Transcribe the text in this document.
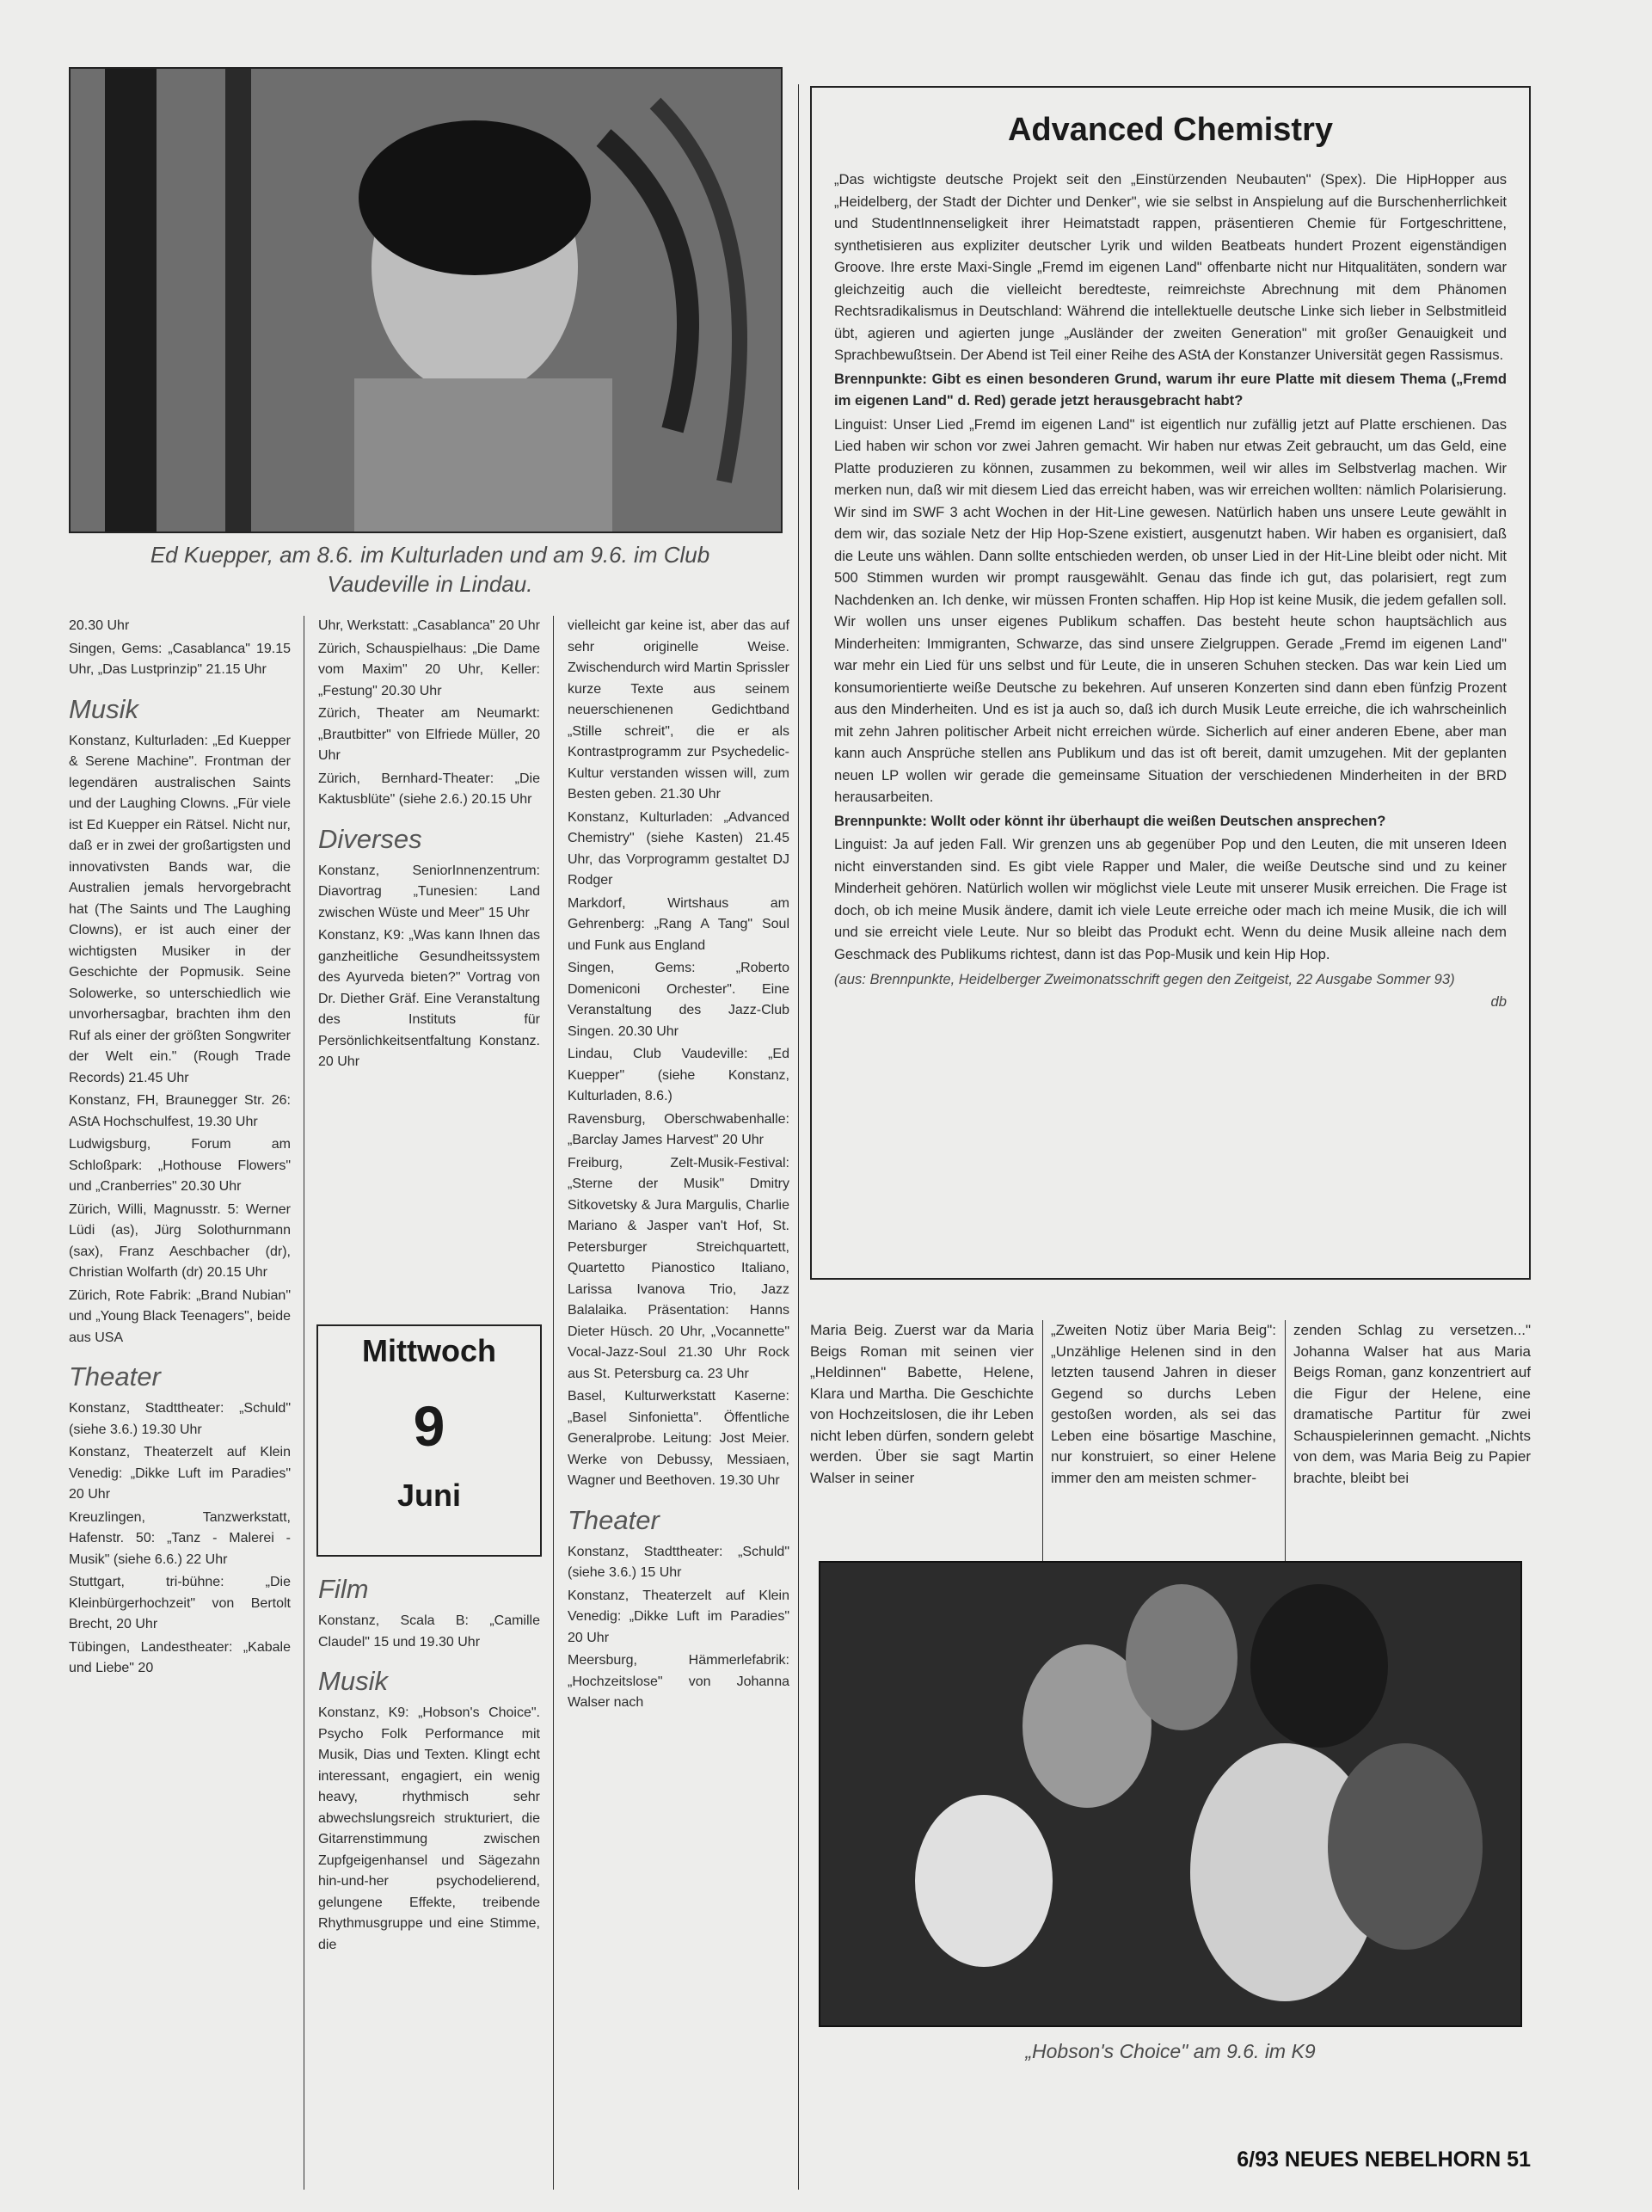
Ed Kuepper, am 8.6. im Kulturladen und am 9.6. im Club Vaudeville in Lindau.

20.30 Uhr

Singen, Gems: „Casablanca" 19.15 Uhr, „Das Lustprinzip" 21.15 Uhr

Musik

Konstanz, Kulturladen: „Ed Kuepper & Serene Machine". Frontman der legendären australischen Saints und der Laughing Clowns. „Für viele ist Ed Kuepper ein Rätsel. Nicht nur, daß er in zwei der großartigsten und innovativsten Bands war, die Australien jemals hervorgebracht hat (The Saints und The Laughing Clowns), er ist auch einer der wichtigsten Musiker in der Geschichte der Popmusik. Seine Solowerke, so unterschiedlich wie unvorhersagbar, brachten ihm den Ruf als einer der größten Songwriter der Welt ein." (Rough Trade Records) 21.45 Uhr

Konstanz, FH, Braunegger Str. 26: AStA Hochschulfest, 19.30 Uhr

Ludwigsburg, Forum am Schloßpark: „Hothouse Flowers" und „Cranberries" 20.30 Uhr

Zürich, Willi, Magnusstr. 5: Werner Lüdi (as), Jürg Solothurnmann (sax), Franz Aeschbacher (dr), Christian Wolfarth (dr) 20.15 Uhr

Zürich, Rote Fabrik: „Brand Nubian" und „Young Black Teenagers", beide aus USA

Theater

Konstanz, Stadttheater: „Schuld" (siehe 3.6.) 19.30 Uhr

Konstanz, Theaterzelt auf Klein Venedig: „Dikke Luft im Paradies" 20 Uhr

Kreuzlingen, Tanzwerkstatt, Hafenstr. 50: „Tanz - Malerei - Musik" (siehe 6.6.) 22 Uhr

Stuttgart, tri-bühne: „Die Kleinbürgerhochzeit" von Bertolt Brecht, 20 Uhr

Tübingen, Landestheater: „Kabale und Liebe" 20

Uhr, Werkstatt: „Casablanca" 20 Uhr

Zürich, Schauspielhaus: „Die Dame vom Maxim" 20 Uhr, Keller: „Festung" 20.30 Uhr

Zürich, Theater am Neumarkt: „Brautbitter" von Elfriede Müller, 20 Uhr

Zürich, Bernhard-Theater: „Die Kaktusblüte" (siehe 2.6.) 20.15 Uhr

Diverses

Konstanz, SeniorInnenzentrum: Diavortrag „Tunesien: Land zwischen Wüste und Meer" 15 Uhr

Konstanz, K9: „Was kann Ihnen das ganzheitliche Gesundheitssystem des Ayurveda bieten?" Vortrag von Dr. Diether Gräf. Eine Veranstaltung des Instituts für Persönlichkeitsentfaltung Konstanz. 20 Uhr

Mittwoch
9
Juni
Film

Konstanz, Scala B: „Camille Claudel" 15 und 19.30 Uhr

Musik

Konstanz, K9: „Hobson's Choice". Psycho Folk Performance mit Musik, Dias und Texten. Klingt echt interessant, engagiert, ein wenig heavy, rhythmisch sehr abwechslungsreich strukturiert, die Gitarrenstimmung zwischen Zupfgeigenhansel und Sägezahn hin-und-her psychodelierend, gelungene Effekte, treibende Rhythmusgruppe und eine Stimme, die

vielleicht gar keine ist, aber das auf sehr originelle Weise. Zwischendurch wird Martin Sprissler kurze Texte aus seinem neuerschienenen Gedichtband „Stille schreit", die er als Kontrastprogramm zur Psychedelic-Kultur verstanden wissen will, zum Besten geben. 21.30 Uhr

Konstanz, Kulturladen: „Advanced Chemistry" (siehe Kasten) 21.45 Uhr, das Vorprogramm gestaltet DJ Rodger

Markdorf, Wirtshaus am Gehrenberg: „Rang A Tang" Soul und Funk aus England

Singen, Gems: „Roberto Domeniconi Orchester". Eine Veranstaltung des Jazz-Club Singen. 20.30 Uhr

Lindau, Club Vaudeville: „Ed Kuepper" (siehe Konstanz, Kulturladen, 8.6.)

Ravensburg, Oberschwabenhalle: „Barclay James Harvest" 20 Uhr

Freiburg, Zelt-Musik-Festival: „Sterne der Musik" Dmitry Sitkovetsky & Jura Margulis, Charlie Mariano & Jasper van't Hof, St. Petersburger Streichquartett, Quartetto Pianostico Italiano, Larissa Ivanova Trio, Jazz Balalaika. Präsentation: Hanns Dieter Hüsch. 20 Uhr, „Vocannette" Vocal-Jazz-Soul 21.30 Uhr Rock aus St. Petersburg ca. 23 Uhr

Basel, Kulturwerkstatt Kaserne: „Basel Sinfonietta". Öffentliche Generalprobe. Leitung: Jost Meier. Werke von Debussy, Messiaen, Wagner und Beethoven. 19.30 Uhr

Theater

Konstanz, Stadttheater: „Schuld" (siehe 3.6.) 15 Uhr

Konstanz, Theaterzelt auf Klein Venedig: „Dikke Luft im Paradies" 20 Uhr

Meersburg, Hämmerlefabrik: „Hochzeitslose" von Johanna Walser nach

Advanced Chemistry

„Das wichtigste deutsche Projekt seit den „Einstürzenden Neubauten" (Spex). Die HipHopper aus „Heidelberg, der Stadt der Dichter und Denker", wie sie selbst in Anspielung auf die Burschenherrlichkeit und StudentInnenseligkeit ihrer Heimatstadt rappen, präsentieren Chemie für Fortgeschrittene, synthetisieren aus expliziter deutscher Lyrik und wilden Beatbeats hundert Prozent eigenständigen Groove. Ihre erste Maxi-Single „Fremd im eigenen Land" offenbarte nicht nur Hitqualitäten, sondern war gleichzeitig auch die vielleicht beredteste, reimreichste Abrechnung mit dem Phänomen Rechtsradikalismus in Deutschland: Während die intellektuelle deutsche Linke sich lieber in Selbstmitleid übt, agieren und agierten junge „Ausländer der zweiten Generation" mit großer Genauigkeit und Sprachbewußtsein. Der Abend ist Teil einer Reihe des AStA der Konstanzer Universität gegen Rassismus.

Brennpunkte: Gibt es einen besonderen Grund, warum ihr eure Platte mit diesem Thema („Fremd im eigenen Land" d. Red) gerade jetzt herausgebracht habt?

Linguist: Unser Lied „Fremd im eigenen Land" ist eigentlich nur zufällig jetzt auf Platte erschienen. Das Lied haben wir schon vor zwei Jahren gemacht. Wir haben nur etwas Zeit gebraucht, um das Geld, eine Platte produzieren zu können, zusammen zu bekommen, weil wir alles im Selbstverlag machen. Wir merken nun, daß wir mit diesem Lied das erreicht haben, was wir erreichen wollten: nämlich Polarisierung. Wir sind im SWF 3 acht Wochen in der Hit-Line gewesen. Natürlich haben uns unsere Leute gewählt in dem wir, das soziale Netz der Hip Hop-Szene existiert, ausgenutzt haben. Wir haben es organisiert, daß die Leute uns wählen. Dann sollte entschieden werden, ob unser Lied in der Hit-Line bleibt oder nicht. Mit 500 Stimmen wurden wir prompt rausgewählt. Genau das finde ich gut, das polarisiert, regt zum Nachdenken an. Ich denke, wir müssen Fronten schaffen. Hip Hop ist keine Musik, die jedem gefallen soll. Wir wollen uns unser eigenes Publikum schaffen. Das besteht heute schon hauptsächlich aus Minderheiten: Immigranten, Schwarze, das sind unsere Zielgruppen. Gerade „Fremd im eigenen Land" war mehr ein Lied für uns selbst und für Leute, die in unseren Schuhen stecken. Das war kein Lied um konsumorientierte weiße Deutsche zu bekehren. Auf unseren Konzerten sind dann eben fünfzig Prozent aus den Minderheiten. Und es ist ja auch so, daß ich durch Musik Leute erreiche, die ich wahrscheinlich mit zehn Jahren politischer Arbeit nicht erreichen würde. Sicherlich auf einer anderen Ebene, aber man kann auch Ansprüche stellen ans Publikum und das ist oft bereit, damit umzugehen. Mit der geplanten neuen LP wollen wir gerade die gemeinsame Situation der verschiedenen Minderheiten in der BRD herausarbeiten.

Brennpunkte: Wollt oder könnt ihr überhaupt die weißen Deutschen ansprechen?

Linguist: Ja auf jeden Fall. Wir grenzen uns ab gegenüber Pop und den Leuten, die mit unseren Ideen nicht einverstanden sind. Es gibt viele Rapper und Maler, die weiße Deutsche sind und zu keiner Minderheit gehören. Natürlich wollen wir möglichst viele Leute mit unserer Musik erreichen. Die Frage ist doch, ob ich meine Musik ändere, damit ich viele Leute erreiche oder mach ich meine Musik, die ich will und sie erreicht viele Leute. Nur so bleibt das Produkt echt. Wenn du deine Musik alleine nach dem Geschmack des Publikums richtest, dann ist das Pop-Musik und kein Hip Hop.

(aus: Brennpunkte, Heidelberger Zweimonatsschrift gegen den Zeitgeist, 22 Ausgabe Sommer 93)
db

Maria Beig. Zuerst war da Maria Beigs Roman mit seinen vier „Heldinnen" Babette, Helene, Klara und Martha. Die Geschichte von Hochzeitslosen, die ihr Leben nicht leben dürfen, sondern gelebt werden. Über sie sagt Martin Walser in seiner

„Zweiten Notiz über Maria Beig": „Unzählige Helenen sind in den letzten tausend Jahren in dieser Gegend so durchs Leben gestoßen worden, als sei das Leben eine bösartige Maschine, nur konstruiert, so einer Helene immer den am meisten schmer-

zenden Schlag zu versetzen..." Johanna Walser hat aus Maria Beigs Roman, ganz konzentriert auf die Figur der Helene, eine dramatische Partitur für zwei Schauspielerinnen gemacht. „Nichts von dem, was Maria Beig zu Papier brachte, bleibt bei

„Hobson's Choice" am 9.6. im K9
6/93 NEUES NEBELHORN 51
